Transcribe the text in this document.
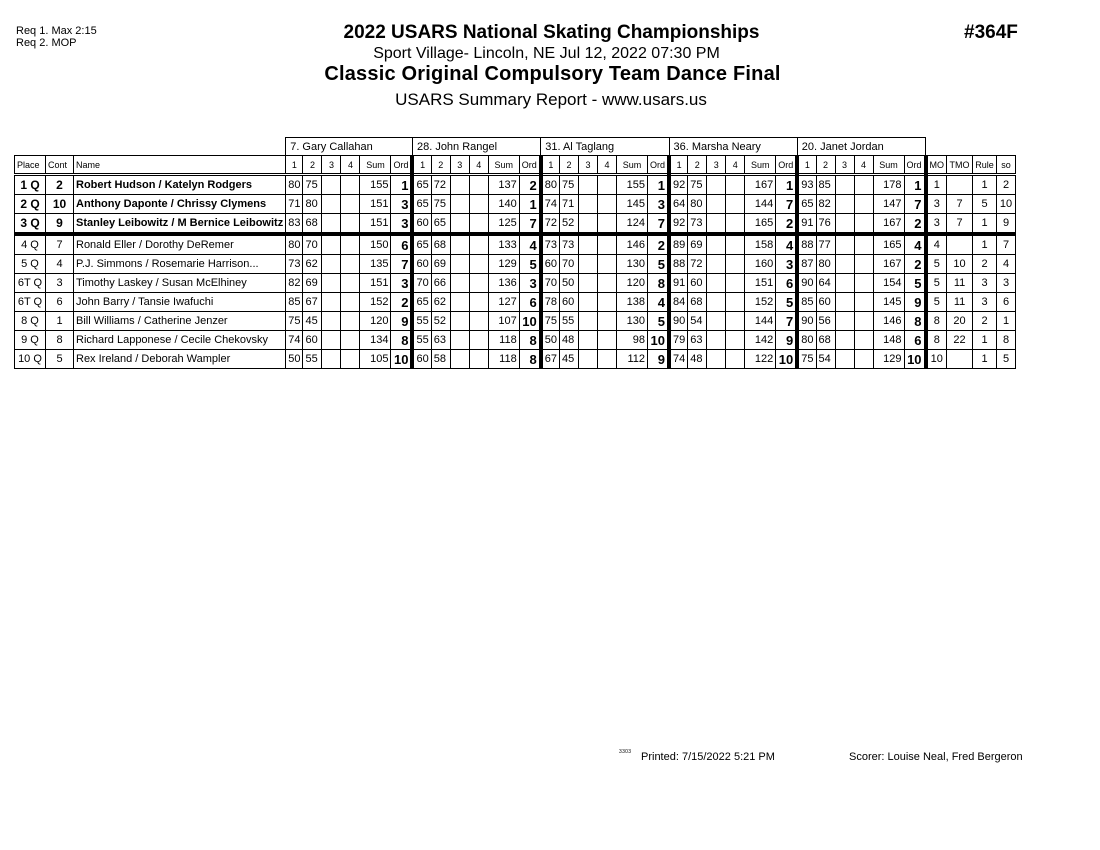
Req 1. Max 2:15
Req 2. MOP	2022 USARS National Skating Championships
Sport Village- Lincoln, NE Jul 12, 2022 07:30 PM
Classic Original Compulsory Team Dance Final
USARS Summary Report - www.usars.us
#364F
			7. Gary Callahan						28. John Rangel						31. Al Taglang						36. Marsha Neary						20. Janet Jordan									
Place	Cont	Name	1	2	3	4	Sum	Ord	1	2	3	4	Sum	Ord	1	2	3	4	Sum	Ord	1	2	3	4	Sum	Ord	1	2	3	4	Sum	Ord	MO	TMO	Rule	so
1 Q	2	Robert Hudson / Katelyn Rodgers	80	75			155	1	65	72			137	2	80	75			155	1	92	75			167	1	93	85			178	1	1		1	2
2 Q	10	Anthony Daponte / Chrissy Clymens	71	80			151	3	65	75			140	1	74	71			145	3	64	80			144	7	65	82			147	7	3	7	5	10
3 Q	9	Stanley Leibowitz / M Bernice Leibowitz	83	68			151	3	60	65			125	7	72	52			124	7	92	73			165	2	91	76			167	2	3	7	1	9
4 Q	7	Ronald Eller / Dorothy DeRemer	80	70			150	6	65	68			133	4	73	73			146	2	89	69			158	4	88	77			165	4	4		1	7
5 Q	4	P.J. Simmons / Rosemarie Harrison...	73	62			135	7	60	69			129	5	60	70			130	5	88	72			160	3	87	80			167	2	5	10	2	4
6T Q	3	Timothy Laskey / Susan McElhiney	82	69			151	3	70	66			136	3	70	50			120	8	91	60			151	6	90	64			154	5	5	11	3	3
6T Q	6	John Barry / Tansie Iwafuchi	85	67			152	2	65	62			127	6	78	60			138	4	84	68			152	5	85	60			145	9	5	11	3	6
8 Q	1	Bill Williams / Catherine Jenzer	75	45			120	9	55	52			107	10	75	55			130	5	90	54			144	7	90	56			146	8	8	20	2	1
9 Q	8	Richard Lapponese / Cecile Chekovsky	74	60			134	8	55	63			118	8	50	48			98	10	79	63			142	9	80	68			148	6	8	22	1	8
10 Q	5	Rex Ireland / Deborah Wampler	50	55			105	10	60	58			118	8	67	45			112	9	74	48			122	10	75	54			129	10	10		1	5
3303 Printed: 7/15/2022 5:21 PM	Scorer: Louise Neal, Fred Bergeron
